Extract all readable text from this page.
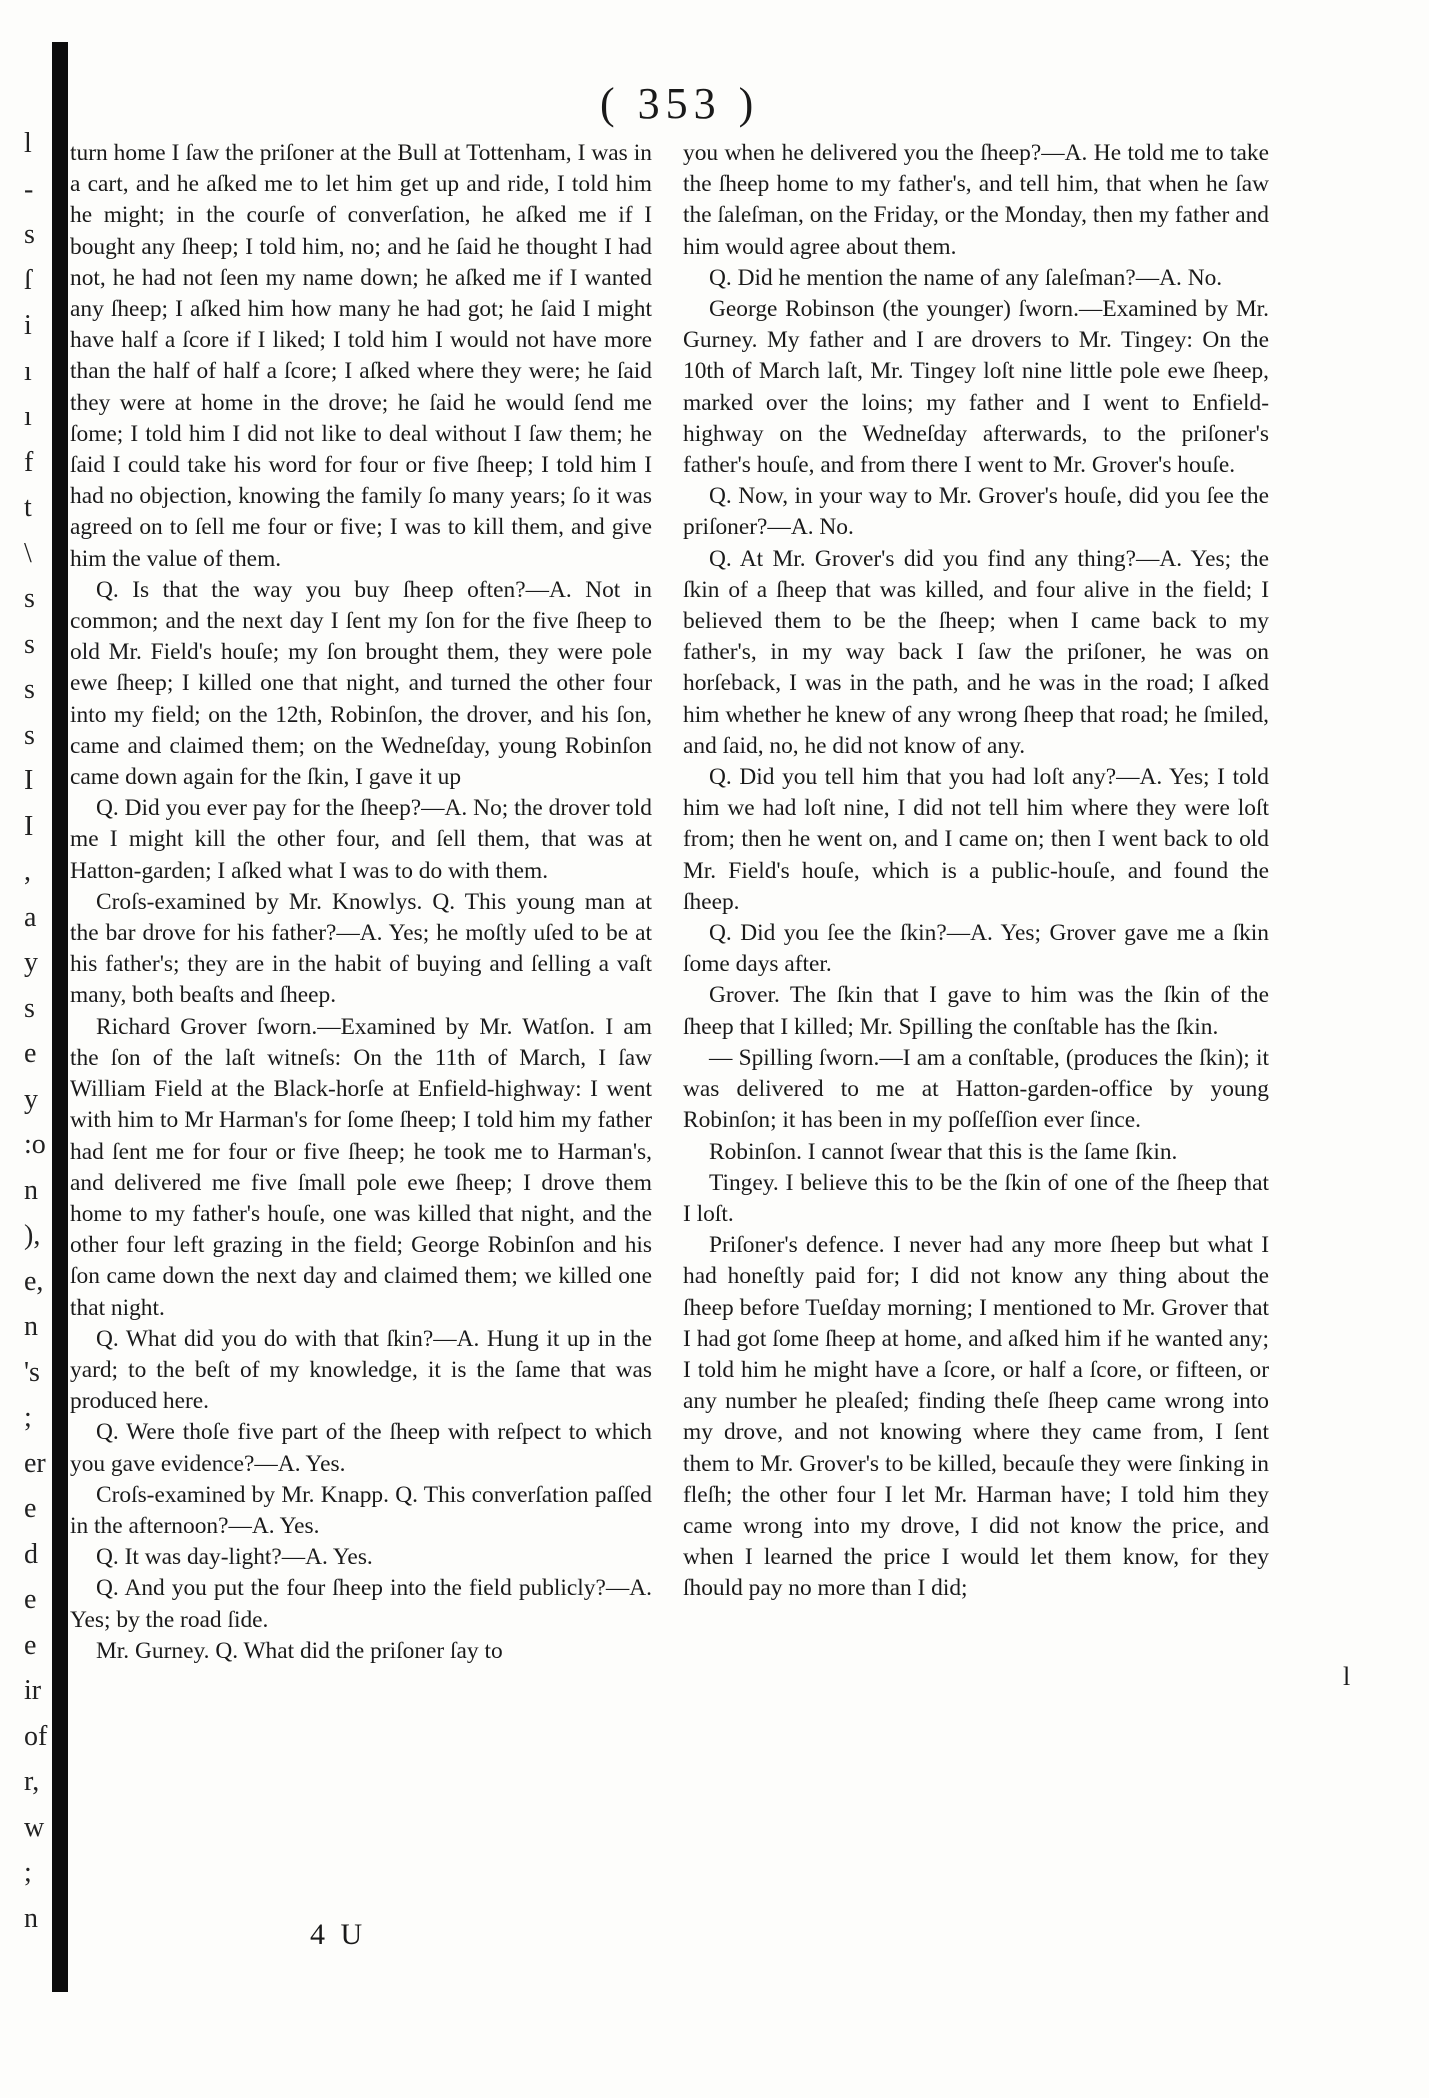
( 353 )
l
-
s
ſ
i
ı
ı
f
t
\
s
s
s
s
I
I
,
a
y
s
e
y
:o
n
),
e,
n
's
;
er
e
d
e
e
ir
of
r,
w
;
n

turn home I ſaw the priſoner at the Bull at Tottenham, I was in a cart, and he aſked me to let him get up and ride, I told him he might; in the courſe of converſation, he aſked me if I bought any ſheep; I told him, no; and he ſaid he thought I had not, he had not ſeen my name down; he aſked me if I wanted any ſheep; I aſked him how many he had got; he ſaid I might have half a ſcore if I liked; I told him I would not have more than the half of half a ſcore; I aſked where they were; he ſaid they were at home in the drove; he ſaid he would ſend me ſome; I told him I did not like to deal without I ſaw them; he ſaid I could take his word for four or five ſheep; I told him I had no objection, knowing the family ſo many years; ſo it was agreed on to ſell me four or five; I was to kill them, and give him the value of them.

Q. Is that the way you buy ſheep often?—A. Not in common; and the next day I ſent my ſon for the five ſheep to old Mr. Field's houſe; my ſon brought them, they were pole ewe ſheep; I killed one that night, and turned the other four into my field; on the 12th, Robinſon, the drover, and his ſon, came and claimed them; on the Wedneſday, young Robinſon came down again for the ſkin, I gave it up

Q. Did you ever pay for the ſheep?—A. No; the drover told me I might kill the other four, and ſell them, that was at Hatton-garden; I aſked what I was to do with them.

Croſs-examined by Mr. Knowlys. Q. This young man at the bar drove for his father?—A. Yes; he moſtly uſed to be at his father's; they are in the habit of buying and ſelling a vaſt many, both beaſts and ſheep.

Richard Grover ſworn.—Examined by Mr. Watſon. I am the ſon of the laſt witneſs: On the 11th of March, I ſaw William Field at the Black-horſe at Enfield-highway: I went with him to Mr Harman's for ſome ſheep; I told him my father had ſent me for four or five ſheep; he took me to Harman's, and delivered me five ſmall pole ewe ſheep; I drove them home to my father's houſe, one was killed that night, and the other four left grazing in the field; George Robinſon and his ſon came down the next day and claimed them; we killed one that night.

Q. What did you do with that ſkin?—A. Hung it up in the yard; to the beſt of my knowledge, it is the ſame that was produced here.

Q. Were thoſe five part of the ſheep with reſpect to which you gave evidence?—A. Yes.

Croſs-examined by Mr. Knapp. Q. This converſation paſſed in the afternoon?—A. Yes.

Q. It was day-light?—A. Yes.

Q. And you put the four ſheep into the field publicly?—A. Yes; by the road ſide.

Mr. Gurney. Q. What did the priſoner ſay to

4 U

you when he delivered you the ſheep?—A. He told me to take the ſheep home to my father's, and tell him, that when he ſaw the ſaleſman, on the Friday, or the Monday, then my father and him would agree about them.

Q. Did he mention the name of any ſaleſman?—A. No.

George Robinson (the younger) ſworn.—Examined by Mr. Gurney. My father and I are drovers to Mr. Tingey: On the 10th of March laſt, Mr. Tingey loſt nine little pole ewe ſheep, marked over the loins; my father and I went to Enfield-highway on the Wedneſday afterwards, to the priſoner's father's houſe, and from there I went to Mr. Grover's houſe.

Q. Now, in your way to Mr. Grover's houſe, did you ſee the priſoner?—A. No.

Q. At Mr. Grover's did you find any thing?—A. Yes; the ſkin of a ſheep that was killed, and four alive in the field; I believed them to be the ſheep; when I came back to my father's, in my way back I ſaw the priſoner, he was on horſeback, I was in the path, and he was in the road; I aſked him whether he knew of any wrong ſheep that road; he ſmiled, and ſaid, no, he did not know of any.

Q. Did you tell him that you had loſt any?—A. Yes; I told him we had loſt nine, I did not tell him where they were loſt from; then he went on, and I came on; then I went back to old Mr. Field's houſe, which is a public-houſe, and found the ſheep.

Q. Did you ſee the ſkin?—A. Yes; Grover gave me a ſkin ſome days after.

Grover. The ſkin that I gave to him was the ſkin of the ſheep that I killed; Mr. Spilling the conſtable has the ſkin.

— Spilling ſworn.—I am a conſtable, (produces the ſkin); it was delivered to me at Hatton-garden-office by young Robinſon; it has been in my poſſeſſion ever ſince.

Robinſon. I cannot ſwear that this is the ſame ſkin.

Tingey. I believe this to be the ſkin of one of the ſheep that I loſt.

Priſoner's defence. I never had any more ſheep but what I had honeſtly paid for; I did not know any thing about the ſheep before Tueſday morning; I mentioned to Mr. Grover that I had got ſome ſheep at home, and aſked him if he wanted any; I told him he might have a ſcore, or half a ſcore, or fifteen, or any number he pleaſed; finding theſe ſheep came wrong into my drove, and not knowing where they came from, I ſent them to Mr. Grover's to be killed, becauſe they were ſinking in fleſh; the other four I let Mr. Harman have; I told him they came wrong into my drove, I did not know the price, and when I learned the price I would let them know, for they ſhould pay no more than I did;

l
